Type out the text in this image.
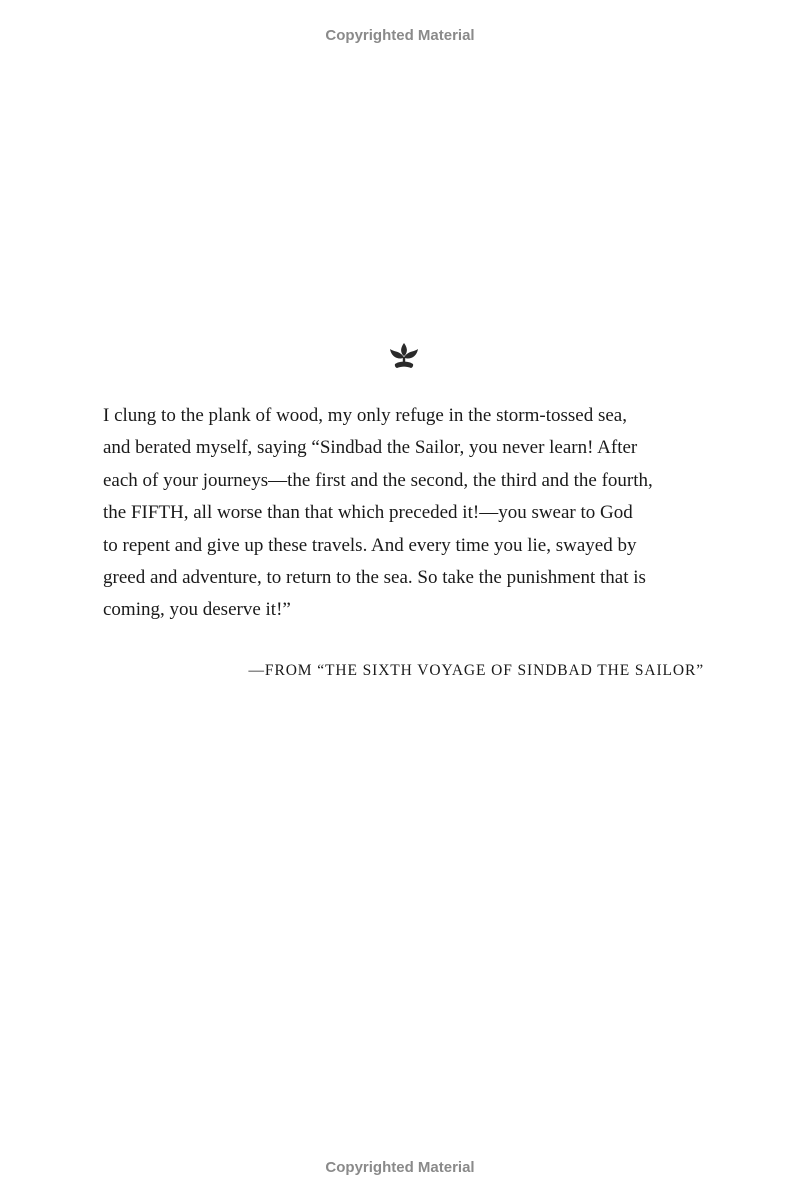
Copyrighted Material
I clung to the plank of wood, my only refuge in the storm-tossed sea,
and berated myself, saying “Sindbad the Sailor, you never learn! After
each of your journeys—the first and the second, the third and the fourth,
the FIFTH, all worse than that which preceded it!—you swear to God
to repent and give up these travels. And every time you lie, swayed by
greed and adventure, to return to the sea. So take the punishment that is
coming, you deserve it!”
—FROM “THE SIXTH VOYAGE OF SINDBAD THE SAILOR”
Copyrighted Material
